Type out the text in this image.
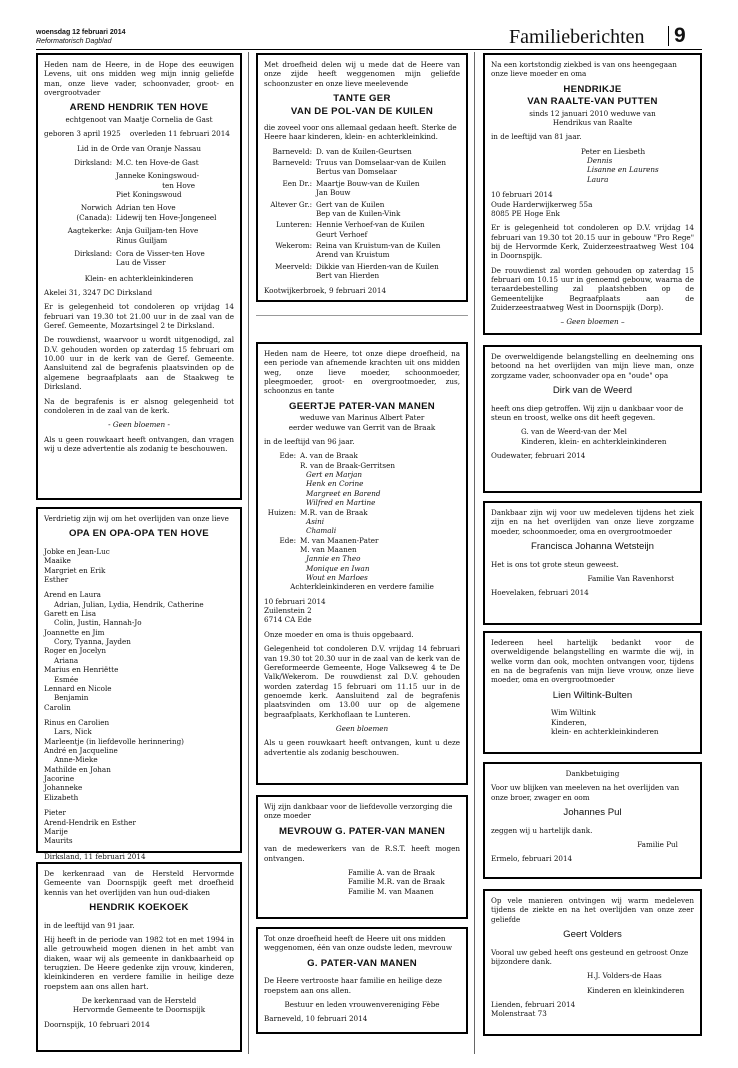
woensdag 12 februari 2014
Reformatorisch Dagblad	Familieberichten 9

Heden nam de Heere, in de Hope des eeuwigen Levens, uit ons midden weg mijn innig geliefde man, onze lieve vader, schoonvader, groot- en overgrootvader

AREND HENDRIK TEN HOVE

echtgenoot van Maatje Cornelia de Gast

geboren 3 april 1925    overleden 11 februari 2014

Lid in de Orde van Oranje Nassau

Dirksland: M.C. ten Hove-de Gast
Janneke Koningswoud-
ten Hove
Piet Koningswoud
Norwich (Canada):
Adrian ten Hove
Lidewij ten Hove-Jongeneel
Aagtekerke: Anja Guiljam-ten Hove
Rinus Guiljam
Dirksland: Cora de Visser-ten Hove
Lau de Visser

Klein- en achterkleinkinderen

Akelei 31, 3247 DC Dirksland

Er is gelegenheid tot condoleren op vrijdag 14 februari van 19.30 tot 21.00 uur in de zaal van de Geref. Gemeente, Mozartsingel 2 te Dirksland.

De rouwdienst, waarvoor u wordt uitgenodigd, zal D.V. gehouden worden op zaterdag 15 februari om 10.00 uur in de kerk van de Geref. Gemeente. Aansluitend zal de begrafenis plaatsvinden op de algemene begraafplaats aan de Staakweg te Dirksland.

Na de begrafenis is er alsnog gelegenheid tot condoleren in de zaal van de kerk.

- Geen bloemen -

Als u geen rouwkaart heeft ontvangen, dan vragen wij u deze advertentie als zodanig te beschouwen.

Verdrietig zijn wij om het overlijden van onze lieve

OPA EN OPA-OPA TEN HOVE

Jobke en Jean-Luc

Maaike

Margriet en Erik

Esther

Arend en Laura

Adrian, Julian, Lydia, Hendrik, Catherine

Garett en Lisa

Colin, Justin, Hannah-Jo

Joannette en Jim

Cory, Tyanna, Jayden

Roger en Jocelyn

Ariana

Marius en Henriëtte

Esmée

Lennard en Nicole

Benjamin

Carolin

Rinus en Carolien

Lars, Nick

Marleentje (in liefdevolle herinnering)

André en Jacqueline

Anne-Mieke

Mathilde en Johan

Jacorine

Johanneke

Elizabeth

Pieter

Arend-Hendrik en Esther

Marije

Maurits

Dirksland, 11 februari 2014

De kerkenraad van de Hersteld Hervormde Gemeente van Doornspijk geeft met droefheid kennis van het overlijden van hun oud-diaken

HENDRIK KOEKOEK

in de leeftijd van 91 jaar.

Hij heeft in de periode van 1982 tot en met 1994 in alle getrouwheid mogen dienen in het ambt van diaken, waar wij als gemeente in dankbaarheid op terugzien. De Heere gedenke zijn vrouw, kinderen, kleinkinderen en verdere familie in heilige deze roepstem aan ons allen hart.

De kerkenraad van de Hersteld

Hervormde Gemeente te Doornspijk

Doornspijk, 10 februari 2014

Met droefheid delen wij u mede dat de Heere van onze zijde heeft weggenomen mijn geliefde schoonzuster en onze lieve meelevende

TANTE GER
VAN DE POL-VAN DE KUILEN

die zoveel voor ons allemaal gedaan heeft. Sterke de Heere haar kinderen, klein- en achterkleinkind.

Barneveld: D. van de Kuilen-Geurtsen
Barneveld: Truus van Domselaar-van de Kuilen
Bertus van Domselaar
Een Dr.: Maartje Bouw-van de Kuilen
Jan Bouw
Altever Gr.: Gert van de Kuilen
Bep van de Kuilen-Vink
Lunteren: Hennie Verhoef-van de Kuilen
Geurt Verhoef
Wekerom: Reina van Kruistum-van de Kuilen
Arend van Kruistum
Meerveld: Dikkie van Hierden-van de Kuilen
Bert van Hierden

Kootwijkerbroek, 9 februari 2014

Heden nam de Heere, tot onze diepe droefheid, na een periode van afnemende krachten uit ons midden weg, onze lieve moeder, schoonmoeder, pleegmoeder, groot- en overgrootmoeder, zus, schoonzus en tante

GEERTJE PATER-VAN MANEN

weduwe van Marinus Albert Pater

eerder weduwe van Gerrit van de Braak

in de leeftijd van 96 jaar.

Ede: A. van de Braak
R. van de Braak-Gerritsen
Gert en Marjan
Henk en Corine
Margreet en Barend
Wilfred en Martine
Huizen: M.R. van de Braak
Asini
Chamali
Ede: M. van Maanen-Pater
M. van Maanen
Jannie en Theo
Monique en Iwan
Wout en Marloes

Achterkleinkinderen en verdere familie

10 februari 2014

Zuilenstein 2

6714 CA Ede

Onze moeder en oma is thuis opgebaard.

Gelegenheid tot condoleren D.V. vrijdag 14 februari van 19.30 tot 20.30 uur in de zaal van de kerk van de Gereformeerde Gemeente, Hoge Valkseweg 4 te De Valk/Wekerom. De rouwdienst zal D.V. gehouden worden zaterdag 15 februari om 11.15 uur in de genoemde kerk. Aansluitend zal de begrafenis plaatsvinden om 13.00 uur op de algemene begraafplaats, Kerkhoflaan te Lunteren.

Geen bloemen

Als u geen rouwkaart heeft ontvangen, kunt u deze advertentie als zodanig beschouwen.

Wij zijn dankbaar voor de liefdevolle verzorging die onze moeder

MEVROUW G. PATER-VAN MANEN

van de medewerkers van de R.S.T. heeft mogen ontvangen.

Familie A. van de Braak

Familie M.R. van de Braak

Familie M. van Maanen

Tot onze droefheid heeft de Heere uit ons midden weggenomen, één van onze oudste leden, mevrouw

G. PATER-VAN MANEN

De Heere vertrooste haar familie en heilige deze roepstem aan ons allen.

Bestuur en leden vrouwenvereniging Fèbe

Barneveld, 10 februari 2014

Na een kortstondig ziekbed is van ons heengegaan onze lieve moeder en oma

HENDRIKJE
VAN RAALTE-VAN PUTTEN

sinds 12 januari 2010 weduwe van

Hendrikus van Raalte

in de leeftijd van 81 jaar.

Peter en Liesbeth

Dennis

Lisanne en Laurens

Laura

10 februari 2014

Oude Harderwijkerweg 55a

8085 PE Hoge Enk

Er is gelegenheid tot condoleren op D.V. vrijdag 14 februari van 19.30 tot 20.15 uur in gebouw "Pro Rege" bij de Hervormde Kerk, Zuiderzeestraatweg West 104 in Doornspijk.

De rouwdienst zal worden gehouden op zaterdag 15 februari om 10.15 uur in genoemd gebouw, waarna de teraardebestelling zal plaatshebben op de Gemeentelijke Begraafplaats aan de Zuiderzeestraatweg West in Doornspijk (Dorp).

– Geen bloemen –

De overweldigende belangstelling en deelneming ons betoond na het overlijden van mijn lieve man, onze zorgzame vader, schoonvader opa en "oude" opa

Dirk van de Weerd

heeft ons diep getroffen. Wij zijn u dankbaar voor de steun en troost, welke ons dit heeft gegeven.

G. van de Weerd-van der Mel

Kinderen, klein- en achterkleinkinderen

Oudewater, februari 2014

Dankbaar zijn wij voor uw medeleven tijdens het ziek zijn en na het overlijden van onze lieve zorgzame moeder, schoonmoeder, oma en overgrootmoeder

Francisca Johanna Wetsteijn

Het is ons tot grote steun geweest.

Familie Van Ravenhorst

Hoevelaken, februari 2014

Iedereen heel hartelijk bedankt voor de overweldigende belangstelling en warmte die wij, in welke vorm dan ook, mochten ontvangen voor, tijdens en na de begrafenis van mijn lieve vrouw, onze lieve moeder, oma en overgrootmoeder

Lien Wiltink-Bulten

Wim Wiltink

Kinderen,

klein- en achterkleinkinderen

Dankbetuiging

Voor uw blijken van meeleven na het overlijden van onze broer, zwager en oom

Johannes Pul

zeggen wij u hartelijk dank.

Familie Pul

Ermelo, februari 2014

Op vele manieren ontvingen wij warm medeleven tijdens de ziekte en na het overlijden van onze zeer geliefde

Geert Volders

Vooral uw gebed heeft ons gesteund en getroost Onze bijzondere dank.

H.J. Volders-de Haas

Kinderen en kleinkinderen

Lienden, februari 2014

Molenstraat 73
